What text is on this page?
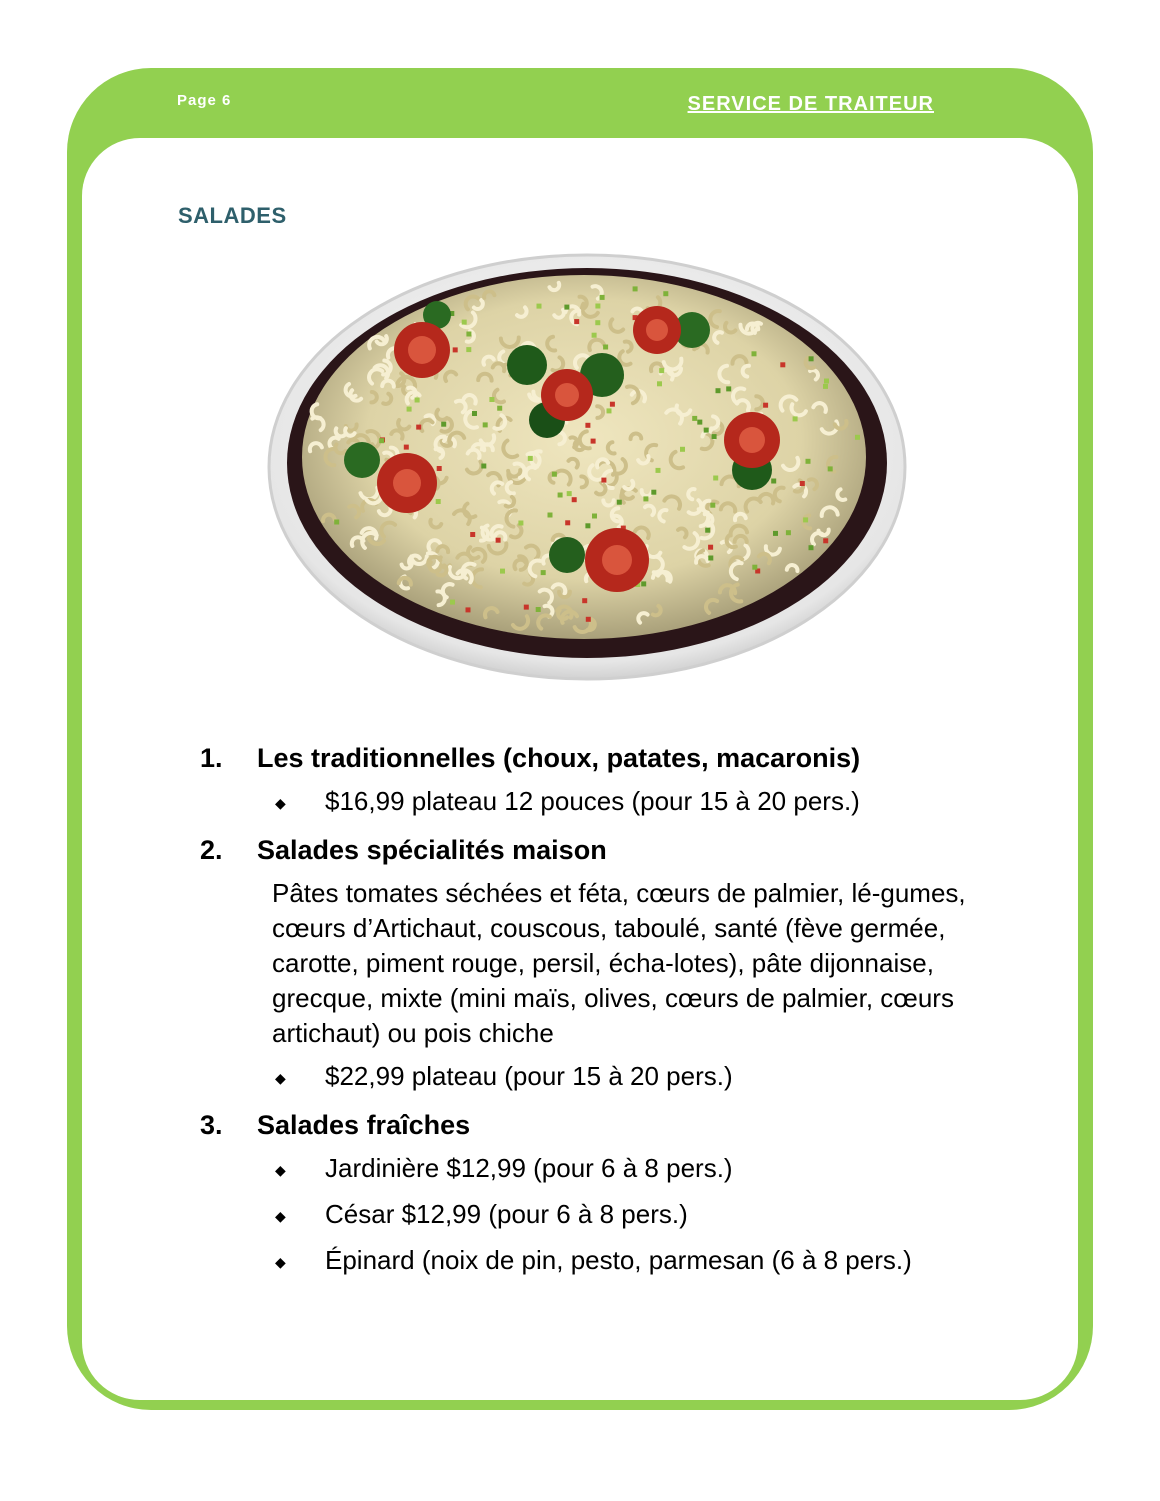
Page 6	SERVICE DE TRAITEUR
SALADES
1.	Les traditionnelles (choux, patates, macaronis)
◆	$16,99 plateau 12 pouces (pour 15 à 20 pers.)
2.	Salades spécialités maison
Pâtes tomates séchées et féta, cœurs de palmier, lé-gumes, cœurs d’Artichaut, couscous, taboulé, santé (fève germée, carotte, piment rouge, persil, écha-lotes), pâte dijonnaise, grecque, mixte (mini maïs, olives, cœurs de palmier, cœurs artichaut) ou pois chiche
◆	$22,99 plateau (pour 15 à 20 pers.)
3.	Salades fraîches
◆	Jardinière $12,99 (pour 6 à 8 pers.)
◆	César $12,99 (pour 6 à 8 pers.)
◆	Épinard (noix de pin, pesto, parmesan (6 à 8 pers.)
